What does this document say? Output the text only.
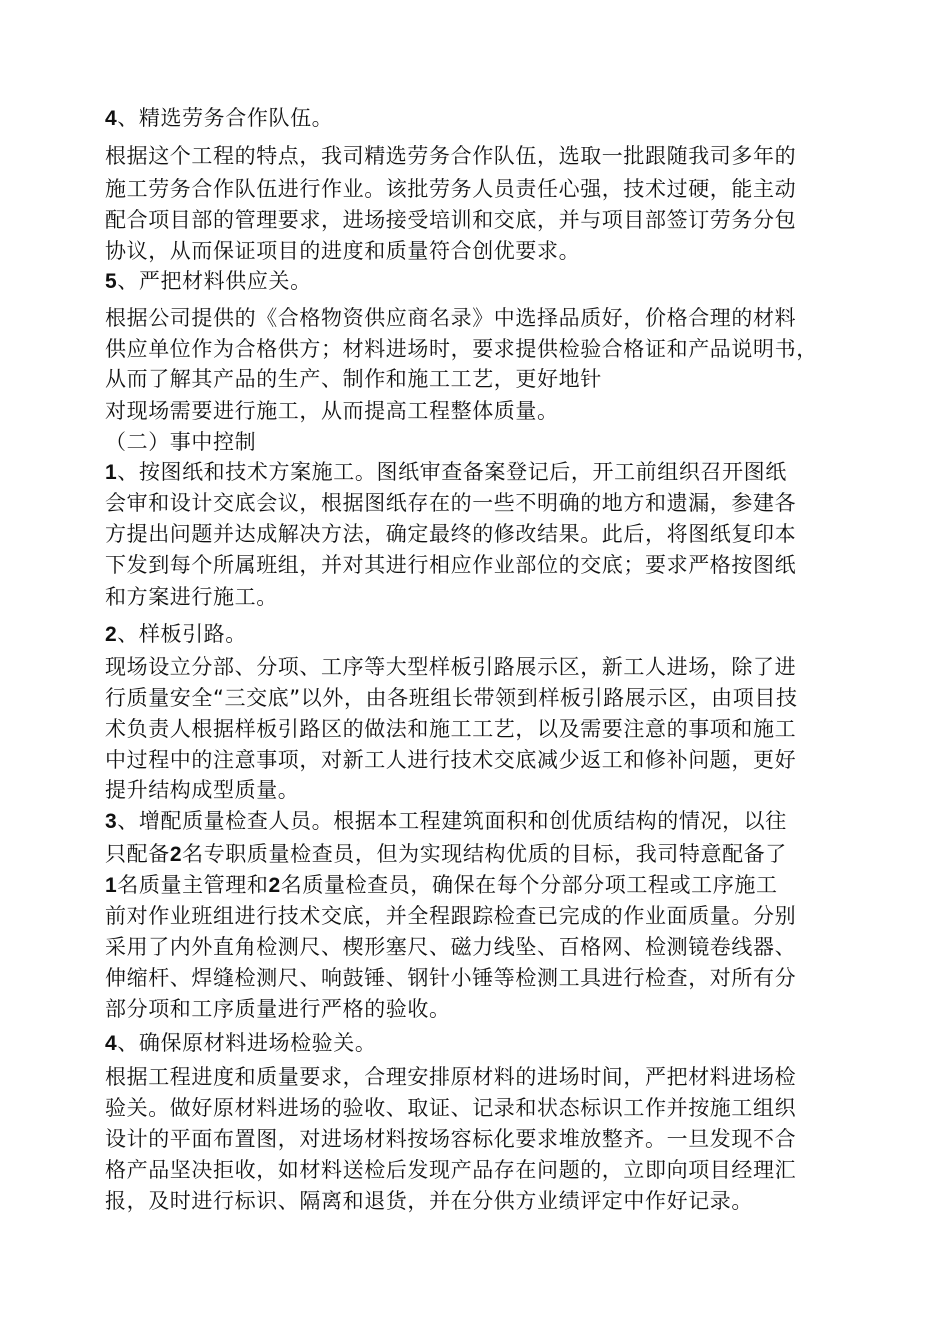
4、精选劳务合作队伍。
根据这个工程的特点，我司精选劳务合作队伍，选取一批跟随我司多年的
施工劳务合作队伍进行作业。该批劳务人员责任心强，技术过硬，能主动
配合项目部的管理要求，进场接受培训和交底，并与项目部签订劳务分包
协议，从而保证项目的进度和质量符合创优要求。
5、严把材料供应关。
根据公司提供的《合格物资供应商名录》中选择品质好，价格合理的材料
供应单位作为合格供方；材料进场时，要求提供检验合格证和产品说明书，
从而了解其产品的生产、制作和施工工艺，更好地针
对现场需要进行施工，从而提高工程整体质量。
（二）事中控制
1、按图纸和技术方案施工。图纸审查备案登记后，开工前组织召开图纸
会审和设计交底会议，根据图纸存在的一些不明确的地方和遗漏，参建各
方提出问题并达成解决方法，确定最终的修改结果。此后，将图纸复印本
下发到每个所属班组，并对其进行相应作业部位的交底；要求严格按图纸
和方案进行施工。
2、样板引路。
现场设立分部、分项、工序等大型样板引路展示区，新工人进场，除了进
行质量安全“三交底”以外，由各班组长带领到样板引路展示区，由项目技
术负责人根据样板引路区的做法和施工工艺，以及需要注意的事项和施工
中过程中的注意事项，对新工人进行技术交底减少返工和修补问题，更好
提升结构成型质量。
3、增配质量检查人员。根据本工程建筑面积和创优质结构的情况，以往
只配备2名专职质量检查员，但为实现结构优质的目标，我司特意配备了
1名质量主管理和2名质量检查员，确保在每个分部分项工程或工序施工
前对作业班组进行技术交底，并全程跟踪检查已完成的作业面质量。分别
采用了内外直角检测尺、楔形塞尺、磁力线坠、百格网、检测镜卷线器、
伸缩杆、焊缝检测尺、响鼓锤、钢针小锤等检测工具进行检查，对所有分
部分项和工序质量进行严格的验收。
4、确保原材料进场检验关。
根据工程进度和质量要求，合理安排原材料的进场时间，严把材料进场检
验关。做好原材料进场的验收、取证、记录和状态标识工作并按施工组织
设计的平面布置图，对进场材料按场容标化要求堆放整齐。一旦发现不合
格产品坚决拒收，如材料送检后发现产品存在问题的，立即向项目经理汇
报，及时进行标识、隔离和退货，并在分供方业绩评定中作好记录。
